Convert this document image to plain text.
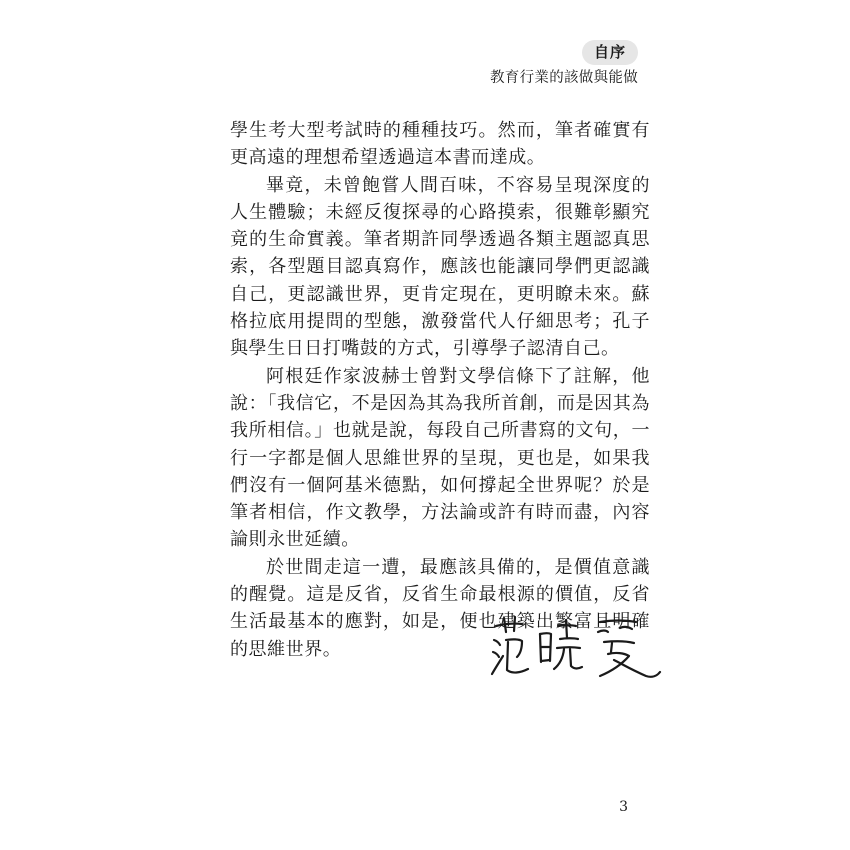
自序
教育行業的該做與能做

學生考大型考試時的種種技巧。然而，筆者確實有更高遠的理想希望透過這本書而達成。

畢竟，未曾飽嘗人間百味，不容易呈現深度的人生體驗；未經反復探尋的心路摸索，很難彰顯究竟的生命實義。筆者期許同學透過各類主題認真思索，各型題目認真寫作，應該也能讓同學們更認識自己，更認識世界，更肯定現在，更明瞭未來。蘇格拉底用提問的型態，激發當代人仔細思考；孔子與學生日日打嘴鼓的方式，引導學子認清自己。

阿根廷作家波赫士曾對文學信條下了註解，他說：「我信它，不是因為其為我所首創，而是因其為我所相信。」也就是說，每段自己所書寫的文句，一行一字都是個人思維世界的呈現，更也是，如果我們沒有一個阿基米德點，如何撐起全世界呢？於是筆者相信，作文教學，方法論或許有時而盡，內容論則永世延續。

於世間走這一遭，最應該具備的，是價值意識的醒覺。這是反省，反省生命最根源的價值，反省生活最基本的應對，如是，便也建築出繁富且明確的思維世界。

3
